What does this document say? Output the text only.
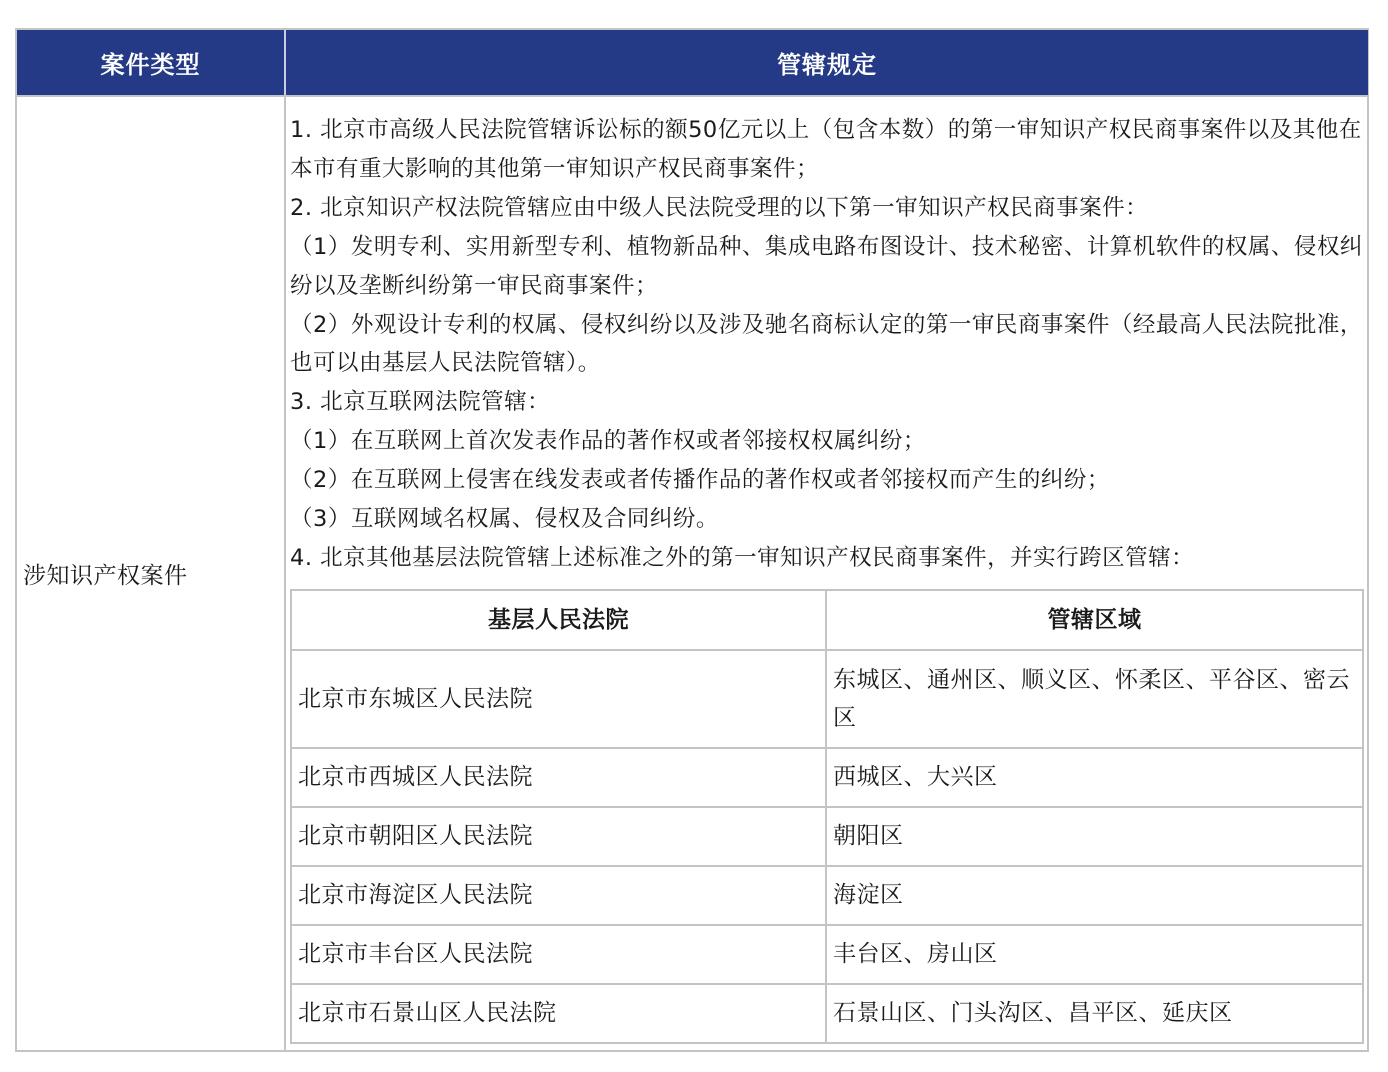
案件类型	管辖规定
涉知识产权案件

1. 北京市高级人民法院管辖诉讼标的额50亿元以上（包含本数）的第一审知识产权民商事案件以及其他在本市有重大影响的其他第一审知识产权民商事案件；

2. 北京知识产权法院管辖应由中级人民法院受理的以下第一审知识产权民商事案件：

（1）发明专利、实用新型专利、植物新品种、集成电路布图设计、技术秘密、计算机软件的权属、侵权纠纷以及垄断纠纷第一审民商事案件；

（2）外观设计专利的权属、侵权纠纷以及涉及驰名商标认定的第一审民商事案件（经最高人民法院批准，也可以由基层人民法院管辖）。

3. 北京互联网法院管辖：

（1）在互联网上首次发表作品的著作权或者邻接权权属纠纷；

（2）在互联网上侵害在线发表或者传播作品的著作权或者邻接权而产生的纠纷；

（3）互联网域名权属、侵权及合同纠纷。

4. 北京其他基层法院管辖上述标准之外的第一审知识产权民商事案件，并实行跨区管辖：

基层人民法院	管辖区域
北京市东城区人民法院	东城区、通州区、顺义区、怀柔区、平谷区、密云区
北京市西城区人民法院	西城区、大兴区
北京市朝阳区人民法院	朝阳区
北京市海淀区人民法院	海淀区
北京市丰台区人民法院	丰台区、房山区
北京市石景山区人民法院	石景山区、门头沟区、昌平区、延庆区
